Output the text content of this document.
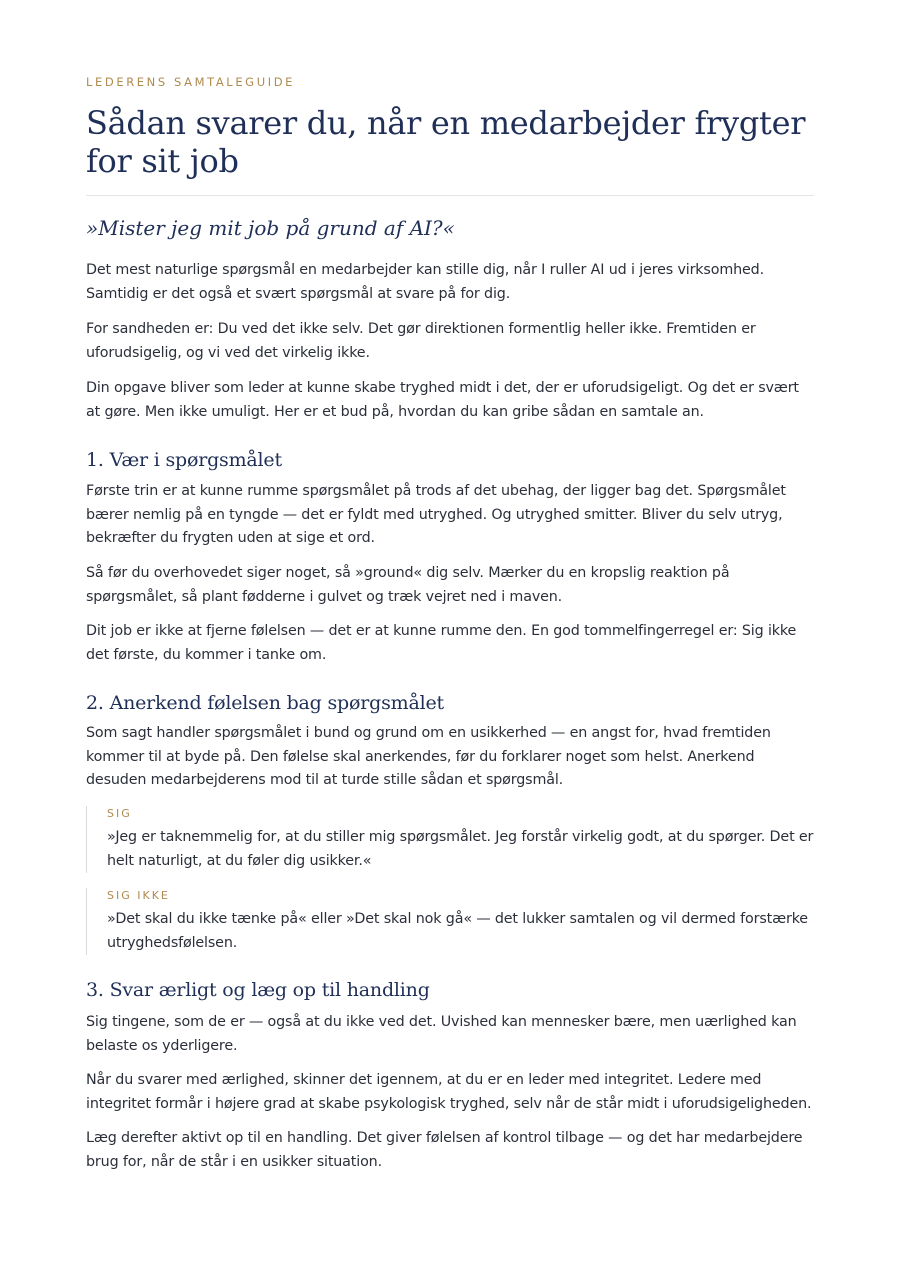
LEDERENS SAMTALEGUIDE
Sådan svarer du, når en medarbejder frygter for sit job
»Mister jeg mit job på grund af AI?«

Det mest naturlige spørgsmål en medarbejder kan stille dig, når I ruller AI ud i jeres virksomhed. Samtidig er det også et svært spørgsmål at svare på for dig.

For sandheden er: Du ved det ikke selv. Det gør direktionen formentlig heller ikke. Fremtiden er uforudsigelig, og vi ved det virkelig ikke.

Din opgave bliver som leder at kunne skabe tryghed midt i det, der er uforudsigeligt. Og det er svært at gøre. Men ikke umuligt. Her er et bud på, hvordan du kan gribe sådan en samtale an.

1. Vær i spørgsmålet

Første trin er at kunne rumme spørgsmålet på trods af det ubehag, der ligger bag det. Spørgsmålet bærer nemlig på en tyngde — det er fyldt med utryghed. Og utryghed smitter. Bliver du selv utryg, bekræfter du frygten uden at sige et ord.

Så før du overhovedet siger noget, så »ground« dig selv. Mærker du en kropslig reaktion på spørgsmålet, så plant fødderne i gulvet og træk vejret ned i maven.

Dit job er ikke at fjerne følelsen — det er at kunne rumme den. En god tommelfingerregel er: Sig ikke det første, du kommer i tanke om.

2. Anerkend følelsen bag spørgsmålet

Som sagt handler spørgsmålet i bund og grund om en usikkerhed — en angst for, hvad fremtiden kommer til at byde på. Den følelse skal anerkendes, før du forklarer noget som helst. Anerkend desuden medarbejderens mod til at turde stille sådan et spørgsmål.

SIG

»Jeg er taknemmelig for, at du stiller mig spørgsmålet. Jeg forstår virkelig godt, at du spørger. Det er helt naturligt, at du føler dig usikker.«

SIG IKKE

»Det skal du ikke tænke på« eller »Det skal nok gå« — det lukker samtalen og vil dermed forstærke utryghedsfølelsen.

3. Svar ærligt og læg op til handling

Sig tingene, som de er — også at du ikke ved det. Uvished kan mennesker bære, men uærlighed kan belaste os yderligere.

Når du svarer med ærlighed, skinner det igennem, at du er en leder med integritet. Ledere med integritet formår i højere grad at skabe psykologisk tryghed, selv når de står midt i uforudsigeligheden.

Læg derefter aktivt op til en handling. Det giver følelsen af kontrol tilbage — og det har medarbejdere brug for, når de står i en usikker situation.
